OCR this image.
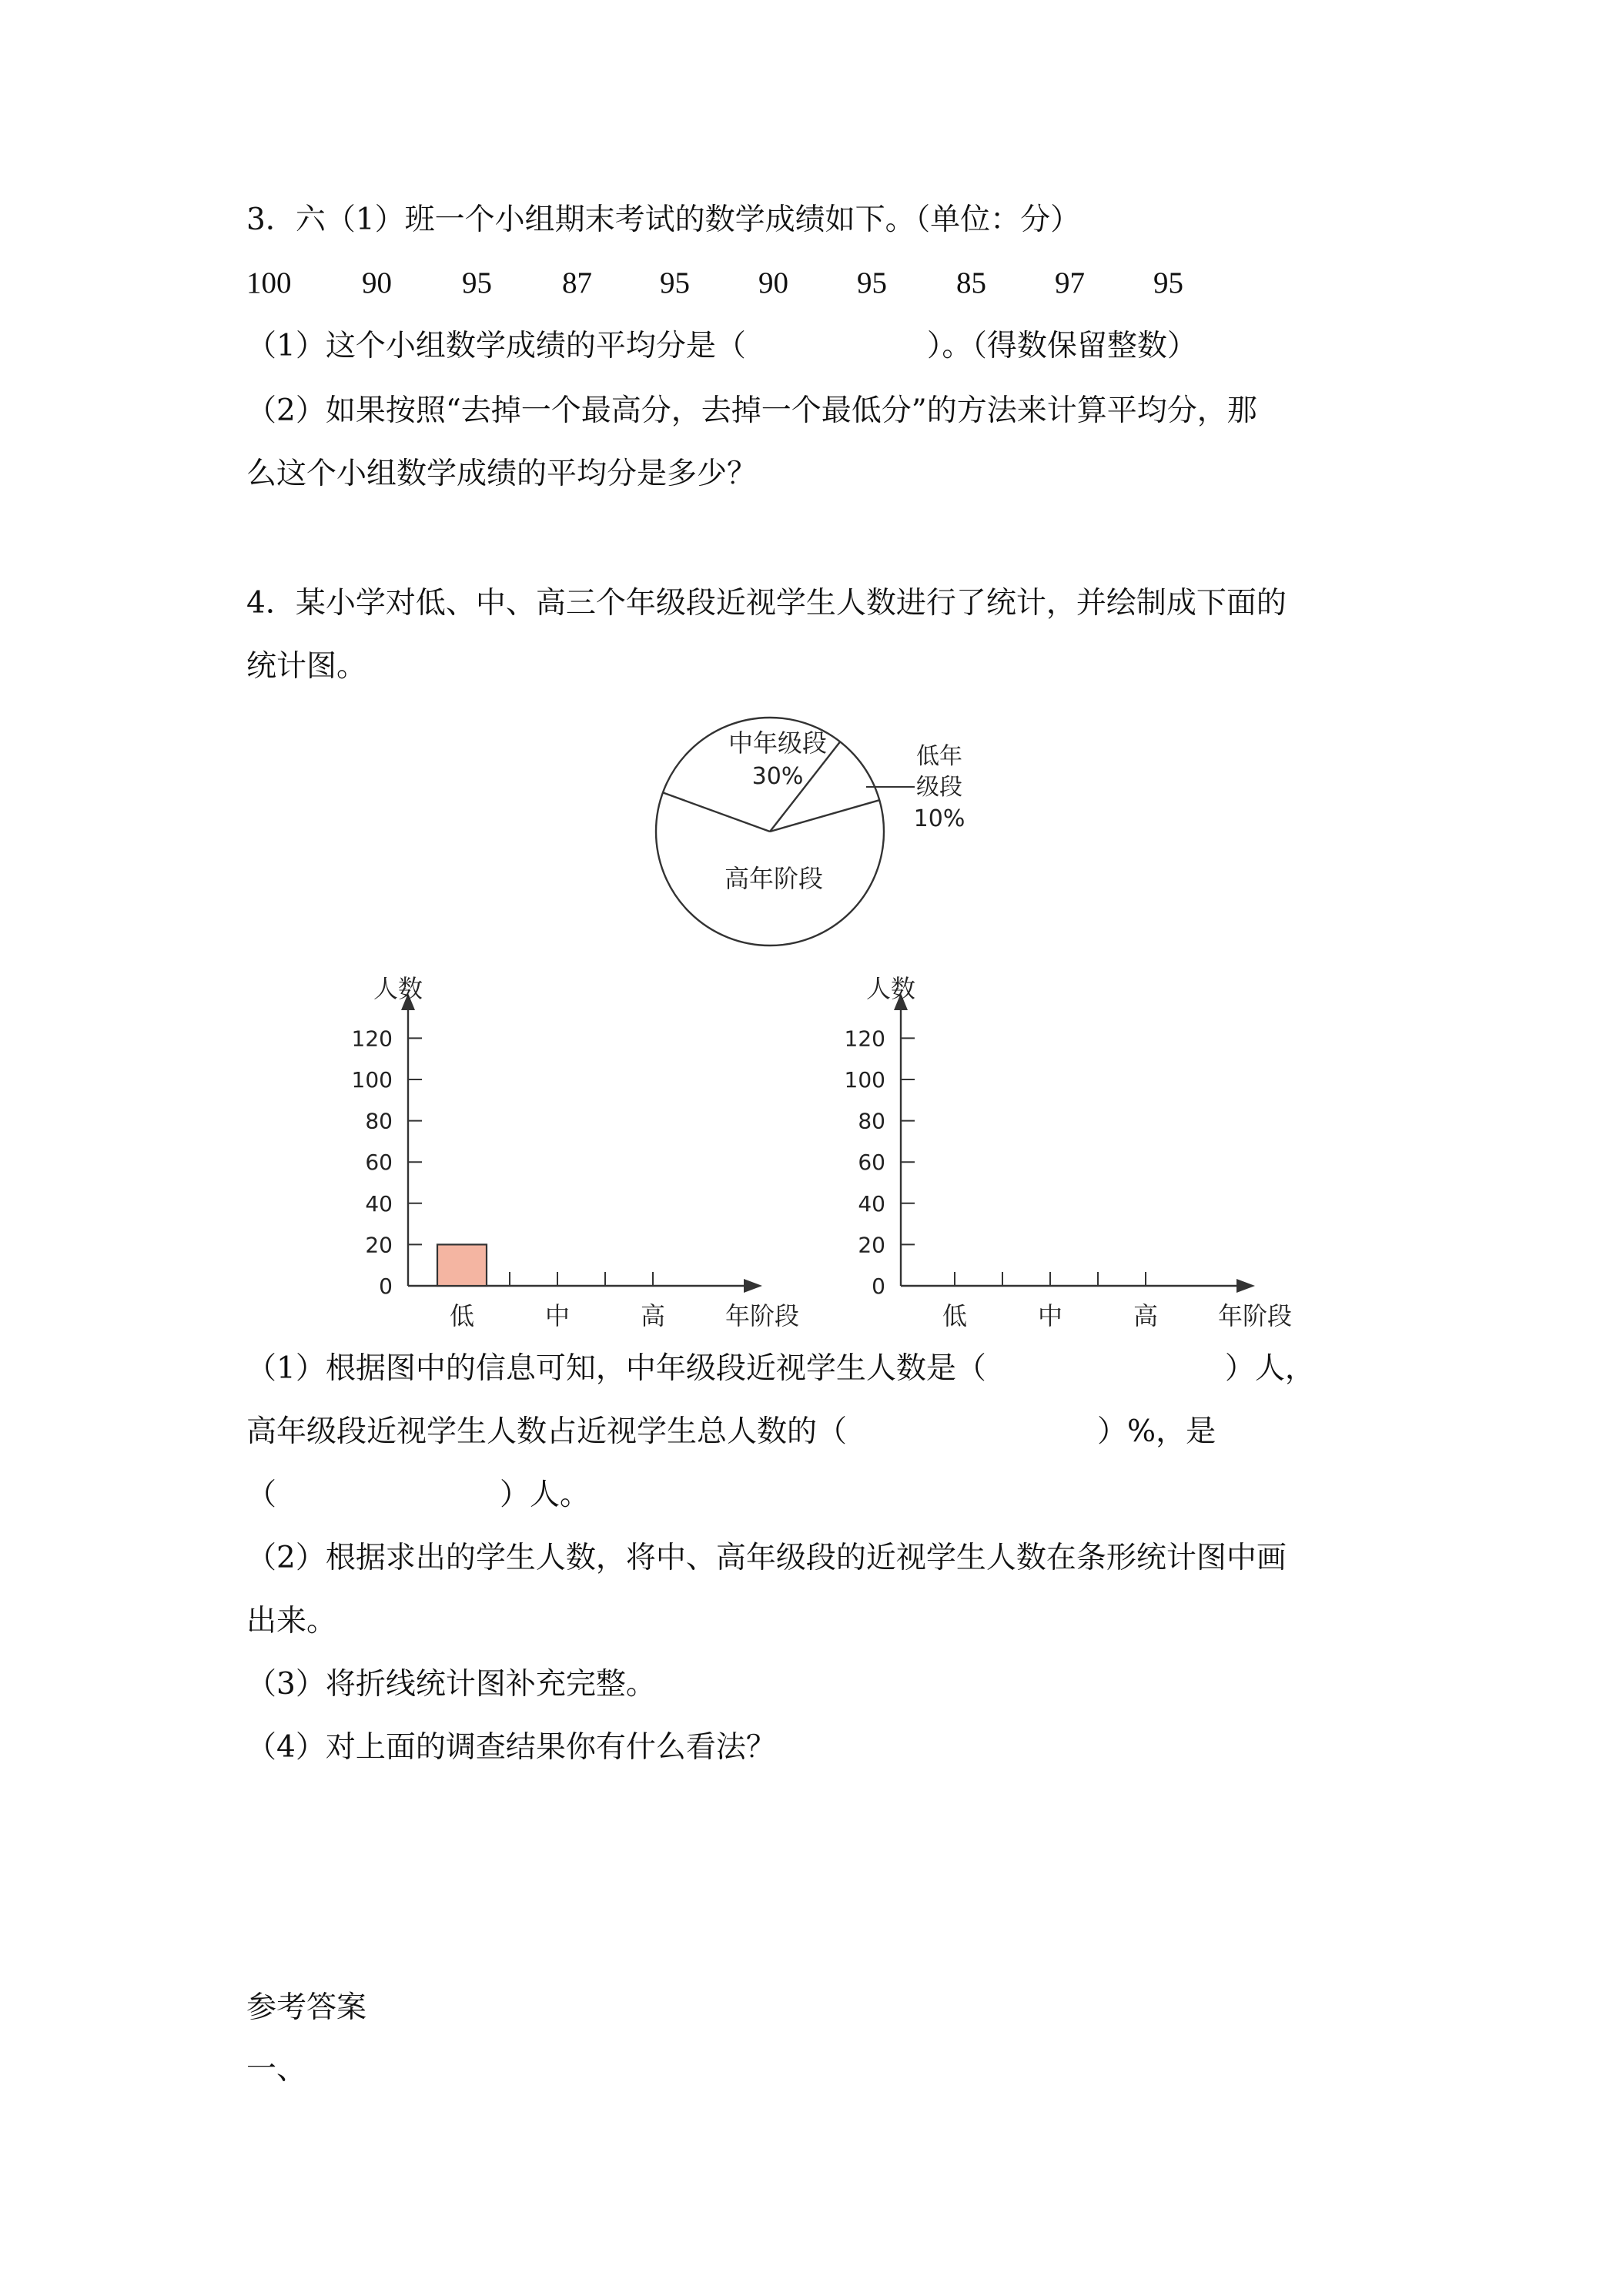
3．六（1）班一个小组期末考试的数学成绩如下。（单位：分）
100 90 95 87 95 90 95 85 97 95
（1）这个小组数学成绩的平均分是（	）。（得数保留整数）
（2）如果按照“去掉一个最高分，去掉一个最低分”的方法来计算平均分，那
么这个小组数学成绩的平均分是多少？
4．某小学对低、中、高三个年级段近视学生人数进行了统计，并绘制成下面的
统计图。
中年级段
30%
高年阶段
低年
级段
10%
人数
年阶段
0
20
40
60
80
100
120
低	中	高
人数
年阶段
0
20
40
60
80
100
120
低	中	高
（1）根据图中的信息可知，中年级段近视学生人数是（	）人，
高年级段近视学生人数占近视学生总人数的（	）%，是
（	）人。
（2）根据求出的学生人数，将中、高年级段的近视学生人数在条形统计图中画
出来。
（3）将折线统计图补充完整。
（4）对上面的调查结果你有什么看法？
参考答案
一、
